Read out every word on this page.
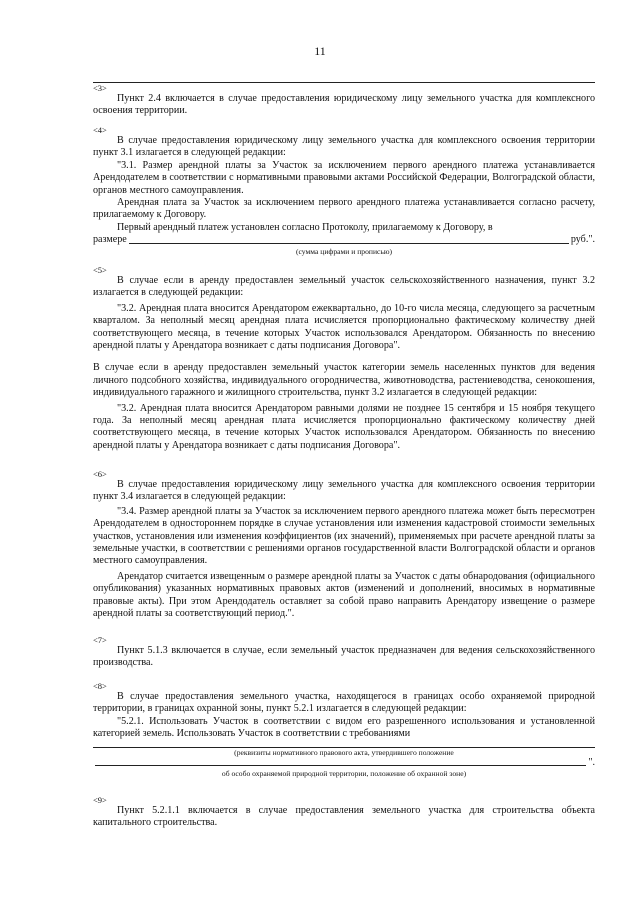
11
<3>

Пункт 2.4 включается в случае предоставления юридическому лицу земельного участка для комплексного освоения территории.

<4>

В случае предоставления юридическому лицу земельного участка для комплексного освоения территории пункт 3.1 излагается в следующей редакции:

"3.1. Размер арендной платы за Участок за исключением первого арендного платежа устанавливается Арендодателем в соответствии с нормативными правовыми актами Российской Федерации, Волгоградской области, органов местного самоуправления.

Арендная плата за Участок за исключением первого арендного платежа устанавливается согласно расчету, прилагаемому к Договору.

Первый арендный платеж установлен согласно Протоколу, прилагаемому к Договору, в

размере	руб.".
(сумма цифрами и прописью)
<5>

В случае если в аренду предоставлен земельный участок сельскохозяйственного назначения, пункт 3.2 излагается в следующей редакции:

"3.2. Арендная плата вносится Арендатором ежеквартально, до 10-го числа месяца, следующего за расчетным кварталом. За неполный месяц арендная плата исчисляется пропорционально фактическому количеству дней соответствующего месяца, в течение которых Участок использовался Арендатором. Обязанность по внесению арендной платы у Арендатора возникает с даты подписания Договора".

В случае если в аренду предоставлен земельный участок категории земель населенных пунктов для ведения личного подсобного хозяйства, индивидуального огородничества, животноводства, растениеводства, сенокошения, индивидуального гаражного и жилищного строительства, пункт 3.2 излагается в следующей редакции:

"3.2. Арендная плата вносится Арендатором равными долями не позднее 15 сентября и 15 ноября текущего года. За неполный месяц арендная плата исчисляется пропорционально фактическому количеству дней соответствующего месяца, в течение которых Участок использовался Арендатором. Обязанность по внесению арендной платы у Арендатора возникает с даты подписания Договора".

<6>

В случае предоставления юридическому лицу земельного участка для комплексного освоения территории пункт 3.4 излагается в следующей редакции:

"3.4. Размер арендной платы за Участок за исключением первого арендного платежа может быть пересмотрен Арендодателем в одностороннем порядке в случае установления или изменения кадастровой стоимости земельных участков, установления или изменения коэффициентов (их значений), применяемых при расчете арендной платы за земельные участки, в соответствии с решениями органов государственной власти Волгоградской области и органов местного самоуправления.

Арендатор считается извещенным о размере арендной платы за Участок с даты обнародования (официального опубликования) указанных нормативных правовых актов (изменений и дополнений, вносимых в нормативные правовые акты). При этом Арендодатель оставляет за собой право направить Арендатору извещение о размере арендной платы за соответствующий период.".

<7>

Пункт 5.1.3 включается в случае, если земельный участок предназначен для ведения сельскохозяйственного производства.

<8>

В случае предоставления земельного участка, находящегося в границах особо охраняемой природной территории, в границах охранной зоны, пункт 5.2.1 излагается в следующей редакции:

"5.2.1. Использовать Участок в соответствии с видом его разрешенного использования и установленной категорией земель. Использовать Участок в соответствии с требованиями

(реквизиты нормативного правового акта, утвердившего положение
".
об особо охраняемой природной территории, положение об охранной зоне)
<9>

Пункт 5.2.1.1 включается в случае предоставления земельного участка для строительства объекта капитального строительства.
